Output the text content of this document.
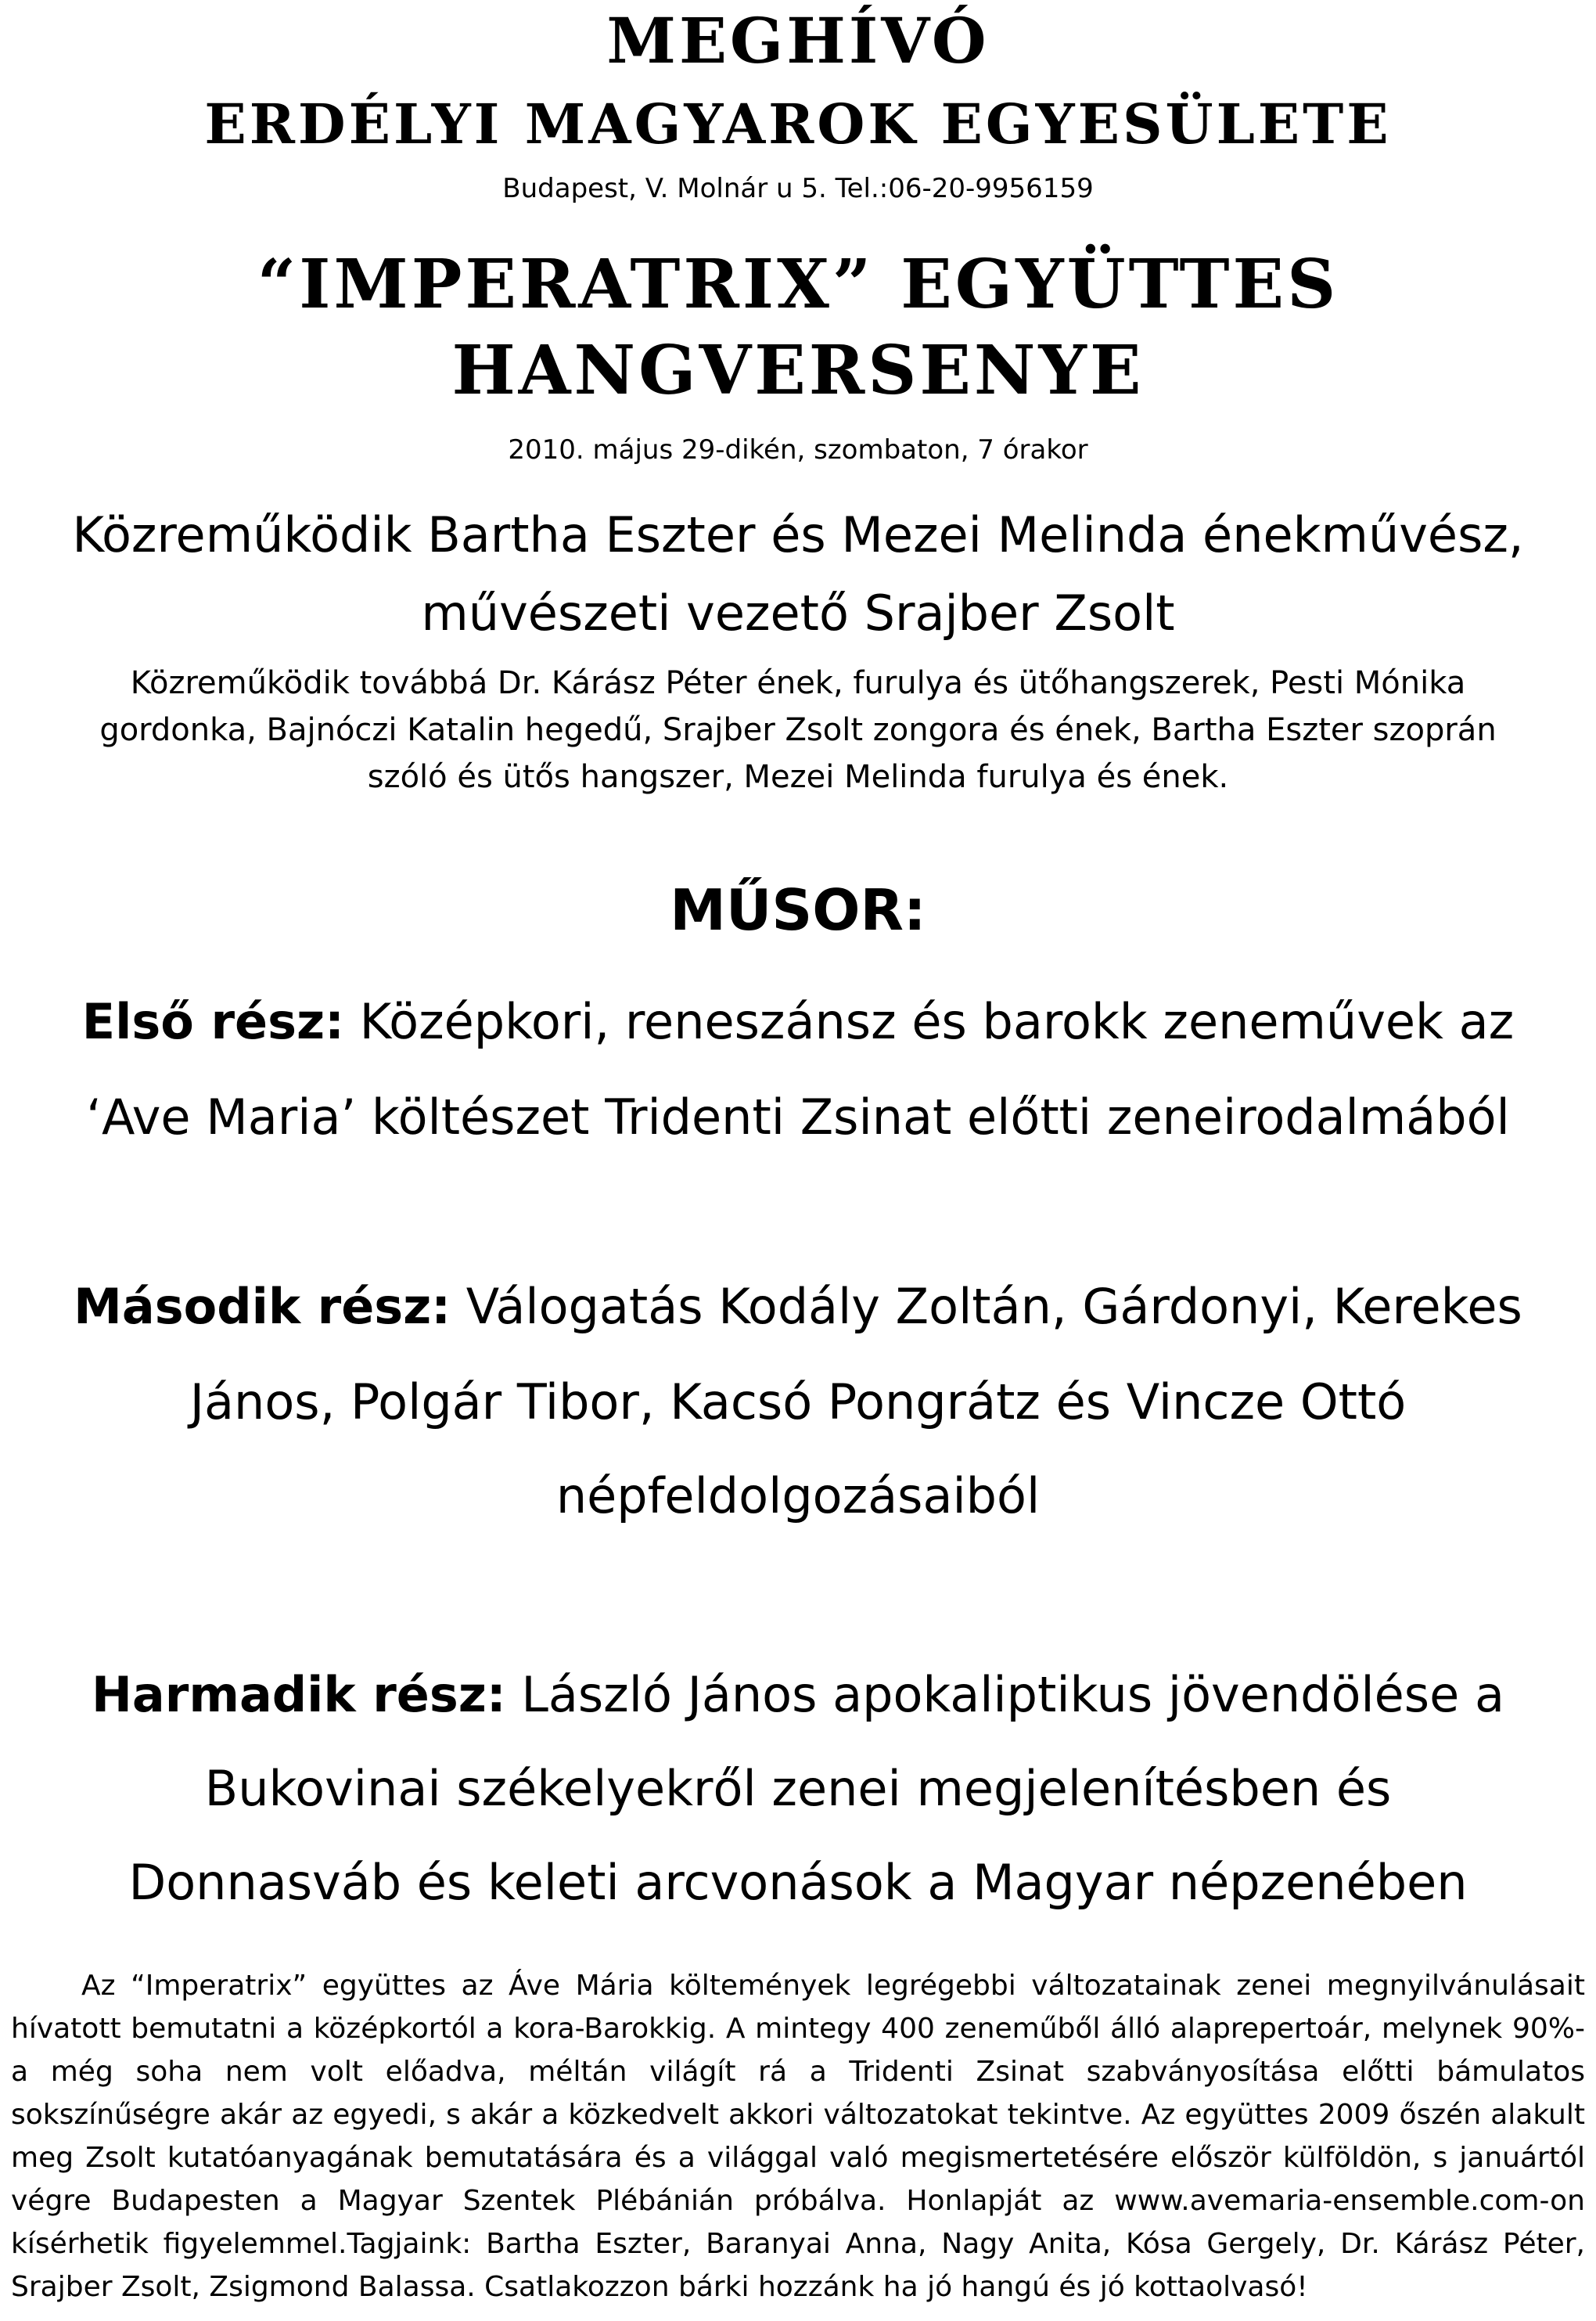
MEGHÍVÓ
ERDÉLYI MAGYAROK EGYESÜLETE
Budapest, V. Molnár u 5. Tel.:06-20-9956159
“IMPERATRIX” EGYÜTTES
HANGVERSENYE
2010. május 29-dikén, szombaton, 7 órakor
Közreműködik Bartha Eszter és Mezei Melinda énekművész,
művészeti vezető Srajber Zsolt
Közreműködik továbbá Dr. Kárász Péter ének, furulya és ütőhangszerek, Pesti Mónika
gordonka, Bajnóczi Katalin hegedű, Srajber Zsolt zongora és ének, Bartha Eszter szoprán
szóló és ütős hangszer, Mezei Melinda furulya és ének.
MŰSOR:
Első rész: Középkori, reneszánsz és barokk zeneművek az
‘Ave Maria’ költészet Tridenti Zsinat előtti zeneirodalmából
Második rész: Válogatás Kodály Zoltán, Gárdonyi, Kerekes
János, Polgár Tibor, Kacsó Pongrátz és Vincze Ottó
népfeldolgozásaiból
Harmadik rész: László János apokaliptikus jövendölése a
Bukovinai székelyekről zenei megjelenítésben és
Donnasváb és keleti arcvonások a Magyar népzenében

Az “Imperatrix” együttes az Áve Mária költemények legrégebbi változatainak zenei megnyilvánulásait hívatott bemutatni a középkortól a kora-Barokkig. A mintegy 400 zeneműből álló alaprepertoár, melynek 90%-a még soha nem volt előadva, méltán világít rá a Tridenti Zsinat szabványosítása előtti bámulatos sokszínűségre akár az egyedi, s akár a közkedvelt akkori változatokat tekintve. Az együttes 2009 őszén alakult meg Zsolt kutatóanyagának bemutatására és a világgal való megismertetésére először külföldön, s januártól végre Budapesten a Magyar Szentek Plébánián próbálva. Honlapját az www.avemaria-ensemble.com-on kísérhetik figyelemmel.Tagjaink: Bartha Eszter, Baranyai Anna, Nagy Anita, Kósa Gergely, Dr. Kárász Péter, Srajber Zsolt, Zsigmond Balassa. Csatlakozzon bárki hozzánk ha jó hangú és jó kottaolvasó!
